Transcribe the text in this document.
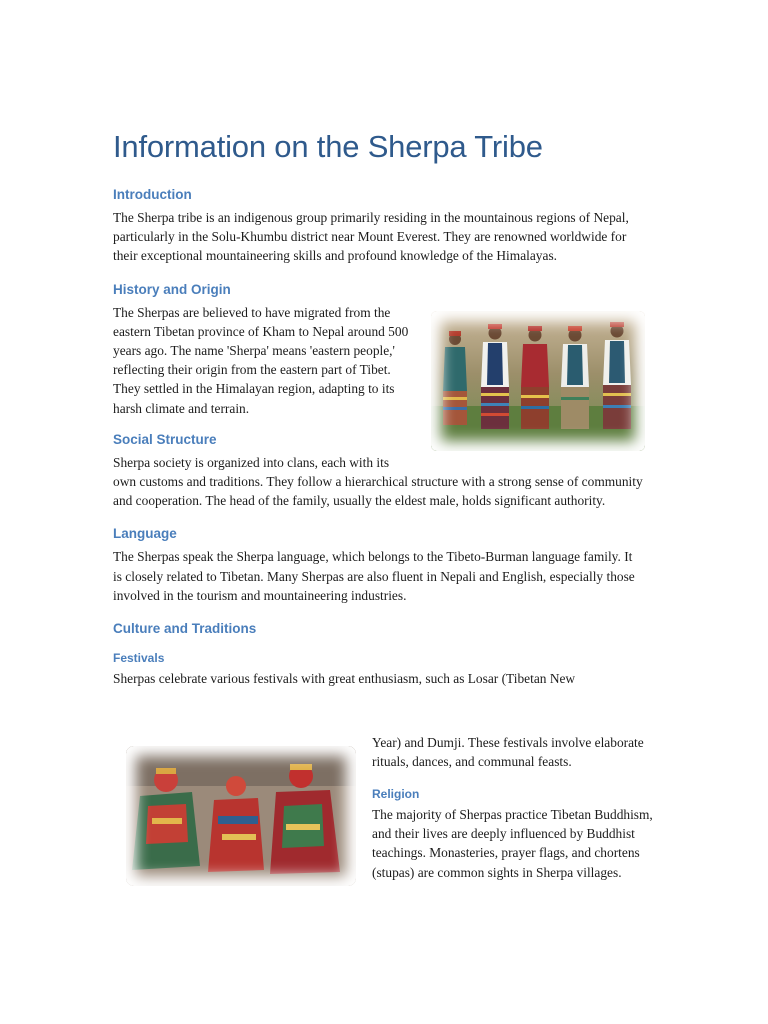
Information on the Sherpa Tribe
Introduction

The Sherpa tribe is an indigenous group primarily residing in the mountainous regions of Nepal, particularly in the Solu-Khumbu district near Mount Everest. They are renowned worldwide for their exceptional mountaineering skills and profound knowledge of the Himalayas.

History and Origin

The Sherpas are believed to have migrated from the eastern Tibetan province of Kham to Nepal around 500 years ago. The name 'Sherpa' means 'eastern people,' reflecting their origin from the eastern part of Tibet. They settled in the Himalayan region, adapting to its harsh climate and terrain.

Social Structure

Sherpa society is organized into clans, each with its own customs and traditions. They follow a hierarchical structure with a strong sense of community and cooperation. The head of the family, usually the eldest male, holds significant authority.

Language

The Sherpas speak the Sherpa language, which belongs to the Tibeto-Burman language family. It is closely related to Tibetan. Many Sherpas are also fluent in Nepali and English, especially those involved in the tourism and mountaineering industries.

Culture and Traditions
Festivals

Sherpas celebrate various festivals with great enthusiasm, such as Losar (Tibetan New

Religion

The majority of Sherpas practice Tibetan Buddhism, and their lives are deeply influenced by Buddhist teachings. Monasteries, prayer flags, and chortens (stupas) are common sights in Sherpa villages.

Year) and Dumji. These festivals involve elaborate rituals, dances, and communal feasts.
